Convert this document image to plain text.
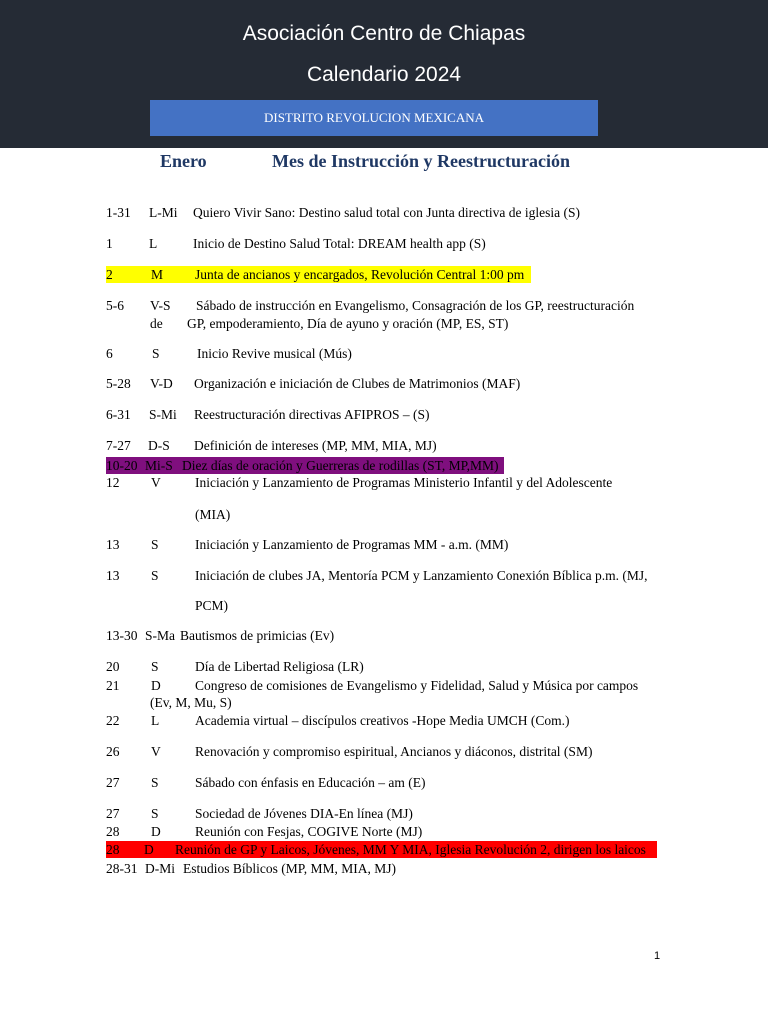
Asociación Centro de Chiapas
Calendario 2024
DISTRITO REVOLUCION MEXICANA
Enero	Mes de Instrucción y Reestructuración
1-31 L-Mi Quiero Vivir Sano: Destino salud total con Junta directiva de iglesia (S)
1	L	Inicio de Destino Salud Total: DREAM health app (S)
2	M Junta de ancianos y encargados, Revolución Central 1:00 pm
5-6 V-S Sábado de instrucción en Evangelismo, Consagración de los GP, reestructuración
de GP, empoderamiento, Día de ayuno y oración (MP, ES, ST)
6	S	Inicio Revive musical (Mús)
5-28 V-D Organización e iniciación de Clubes de Matrimonios (MAF)
6-31 S-Mi Reestructuración directivas AFIPROS – (S)
7-27 D-S Definición de intereses (MP, MM, MIA, MJ)
10-20 Mi-S Diez días de oración y Guerreras de rodillas (ST, MP,MM)
12 V	Iniciación y Lanzamiento de Programas Ministerio Infantil y del Adolescente
(MIA)
13 S	Iniciación y Lanzamiento de Programas MM - a.m. (MM)
13 S	Iniciación de clubes JA, Mentoría PCM y Lanzamiento Conexión Bíblica p.m. (MJ,
PCM)
13-30 S-Ma Bautismos de primicias (Ev)
20 S	Día de Libertad Religiosa (LR)
21 D	Congreso de comisiones de Evangelismo y Fidelidad, Salud y Música por campos
(Ev, M, Mu, S)
22 L	Academia virtual – discípulos creativos -Hope Media UMCH (Com.)
26 V	Renovación y compromiso espiritual, Ancianos y diáconos, distrital (SM)
27 S	Sábado con énfasis en Educación – am (E)
27 S	Sociedad de Jóvenes DIA-En línea (MJ)
28 D	Reunión con Fesjas, COGIVE Norte (MJ)
28 D Reunión de GP y Laicos, Jóvenes, MM Y MIA, Iglesia Revolución 2, dirigen los laicos
28-31 D-Mi Estudios Bíblicos (MP, MM, MIA, MJ)
1
